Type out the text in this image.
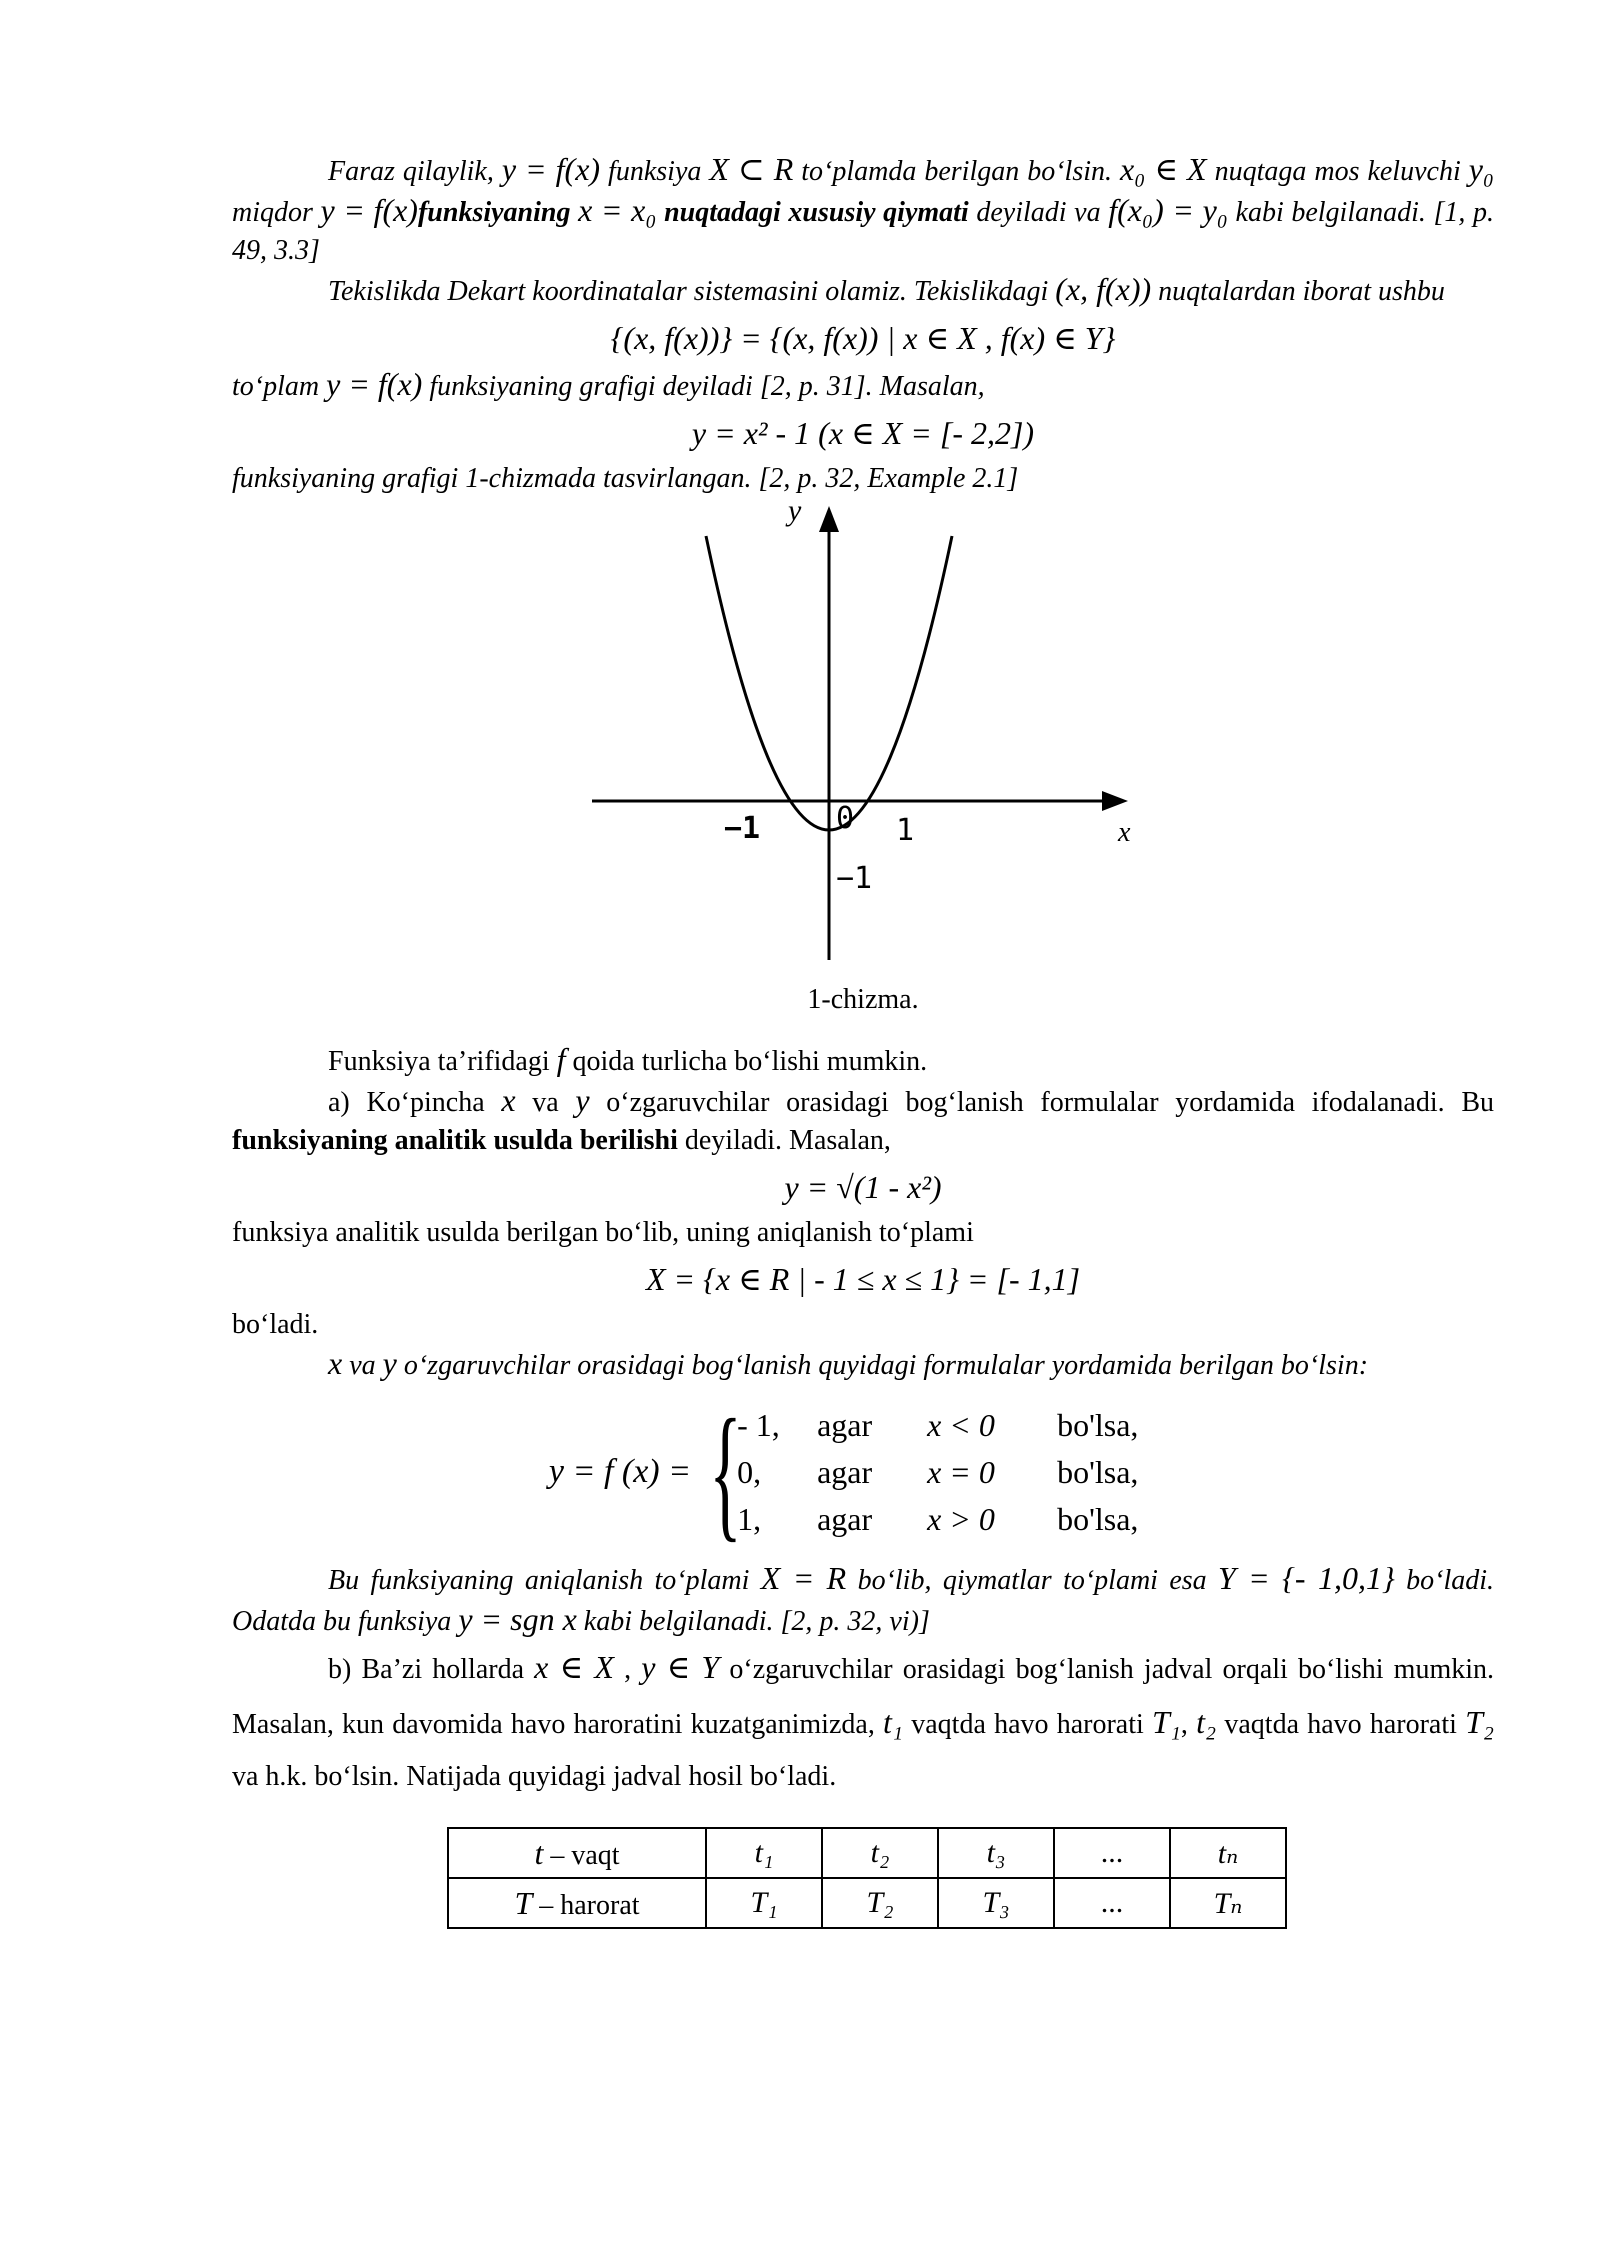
Faraz qilaylik, y = f(x) funksiya X ⊂ R to‘plamda berilgan bo‘lsin. x₀ ∈ X nuqtaga mos keluvchi y₀ miqdor y = f(x)funksiyaning x = x₀ nuqtadagi xususiy qiymati deyiladi va f(x₀) = y₀ kabi belgilanadi. [1, p. 49, 3.3]

Tekislikda Dekart koordinatalar sistemasini olamiz. Tekislikdagi (x, f(x)) nuqtalardan iborat ushbu

{(x, f(x))} = {(x, f(x)) | x ∈ X , f(x) ∈ Y}

to‘plam y = f(x) funksiyaning grafigi deyiladi [2, p. 31]. Masalan,

y = x² - 1 (x ∈ X = [- 2,2])

funksiyaning grafigi 1-chizmada tasvirlangan. [2, p. 32, Example 2.1]

y
x
−1	0 1
−1
1-chizma.

Funksiya ta’rifidagi f qoida turlicha bo‘lishi mumkin.

a) Ko‘pincha x va y o‘zgaruvchilar orasidagi bog‘lanish formulalar yordamida ifodalanadi. Bu funksiyaning analitik usulda berilishi deyiladi. Masalan,

y = √(1 - x²)

funksiya analitik usulda berilgan bo‘lib, uning aniqlanish to‘plami

X = {x ∈ R | - 1 ≤ x ≤ 1} = [- 1,1]

bo‘ladi.

x va y o‘zgaruvchilar orasidagi bog‘lanish quyidagi formulalar yordamida berilgan bo‘lsin:

y = f (x) = {
- 1,	agar	x < 0	bo'lsa,
0,	agar	x = 0	bo'lsa,
1,	agar	x > 0	bo'lsa,

Bu funksiyaning aniqlanish to‘plami X = R bo‘lib, qiymatlar to‘plami esa Y = {- 1,0,1} bo‘ladi. Odatda bu funksiya y = sgn x kabi belgilanadi. [2, p. 32, vi)]

b) Ba’zi hollarda x ∈ X , y ∈ Y o‘zgaruvchilar orasidagi bog‘lanish jadval orqali bo‘lishi mumkin. Masalan, kun davomida havo haroratini kuzatganimizda, t₁ vaqtda havo harorati T₁, t₂ vaqtda havo harorati T₂ va h.k. bo‘lsin. Natijada quyidagi jadval hosil bo‘ladi.

t – vaqt	t₁	t₂	t₃	...	tₙ
T – harorat	T₁	T₂	T₃	...	Tₙ
